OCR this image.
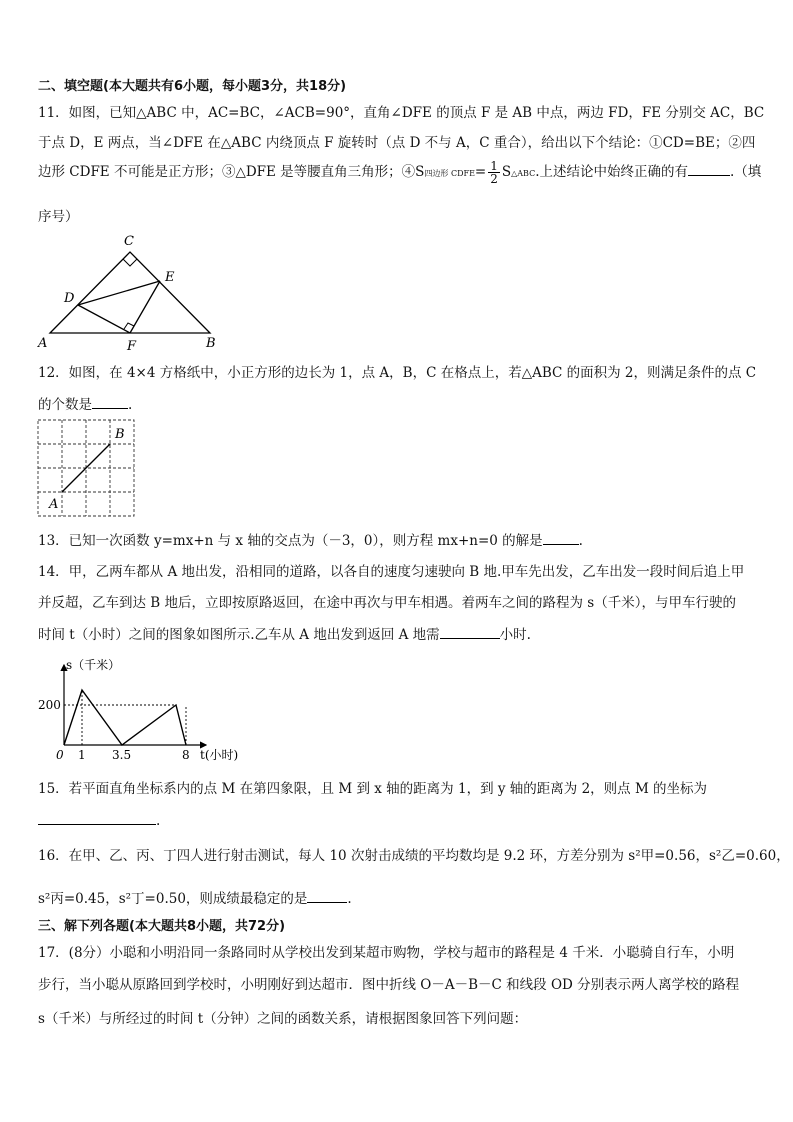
二、填空题(本大题共有6小题，每小题3分，共18分)
11．如图，已知△ABC 中，AC=BC，∠ACB=90°，直角∠DFE 的顶点 F 是 AB 中点，两边 FD，FE 分别交 AC，BC
于点 D，E 两点，当∠DFE 在△ABC 内绕顶点 F 旋转时（点 D 不与 A，C 重合），给出以下个结论：①CD=BE；②四
边形 CDFE 不可能是正方形；③△DFE 是等腰直角三角形；④S四边形 CDFE= $\frac{1}{2}$ S△ABC.上述结论中始终正确的有	.（填
序号）
C
E
D
A	F	B
12．如图，在 4×4 方格纸中，小正方形的边长为 1，点 A，B，C 在格点上，若△ABC 的面积为 2，则满足条件的点 C
的个数是	.
B
A
13．已知一次函数 y=mx+n 与 x 轴的交点为（－3，0），则方程 mx+n=0 的解是	.
14．甲，乙两车都从 A 地出发，沿相同的道路，以各自的速度匀速驶向 B 地.甲车先出发，乙车出发一段时间后追上甲
并反超，乙车到达 B 地后，立即按原路返回，在途中再次与甲车相遇。着两车之间的路程为 s（千米），与甲车行驶的
时间 t（小时）之间的图象如图所示.乙车从 A 地出发到返回 A 地需	小时.
s（千米）
t(小时)
200
0 1 3.5	8
15．若平面直角坐标系内的点 M 在第四象限，且 M 到 x 轴的距离为 1，到 y 轴的距离为 2，则点 M 的坐标为
.
16．在甲、乙、丙、丁四人进行射击测试，每人 10 次射击成绩的平均数均是 9.2 环，方差分别为 s²甲=0.56，s²乙=0.60，
s²丙=0.45，s²丁=0.50，则成绩最稳定的是	.
三、解下列各题(本大题共8小题，共72分)
17．(8分）小聪和小明沿同一条路同时从学校出发到某超市购物，学校与超市的路程是 4 千米．小聪骑自行车，小明
步行，当小聪从原路回到学校时，小明刚好到达超市．图中折线 O－A－B－C 和线段 OD 分别表示两人离学校的路程
s（千米）与所经过的时间 t（分钟）之间的函数关系，请根据图象回答下列问题：
